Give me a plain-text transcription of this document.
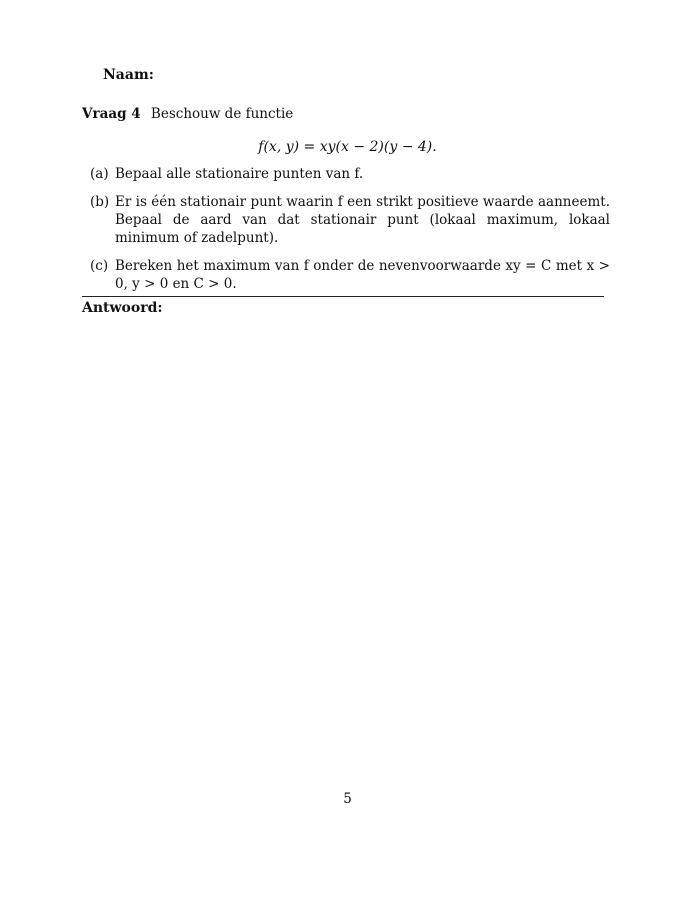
Naam:
Vraag 4 Beschouw de functie
f(x, y) = xy(x − 2)(y − 4).
(a) Bepaal alle stationaire punten van f.
(b) Er is één stationair punt waarin f een strikt positieve waarde aanneemt. Bepaal de aard van dat stationair punt (lokaal maximum, lokaal minimum of zadelpunt).
(c) Bereken het maximum van f onder de nevenvoorwaarde xy = C met x > 0, y > 0 en C > 0.
Antwoord:
5
